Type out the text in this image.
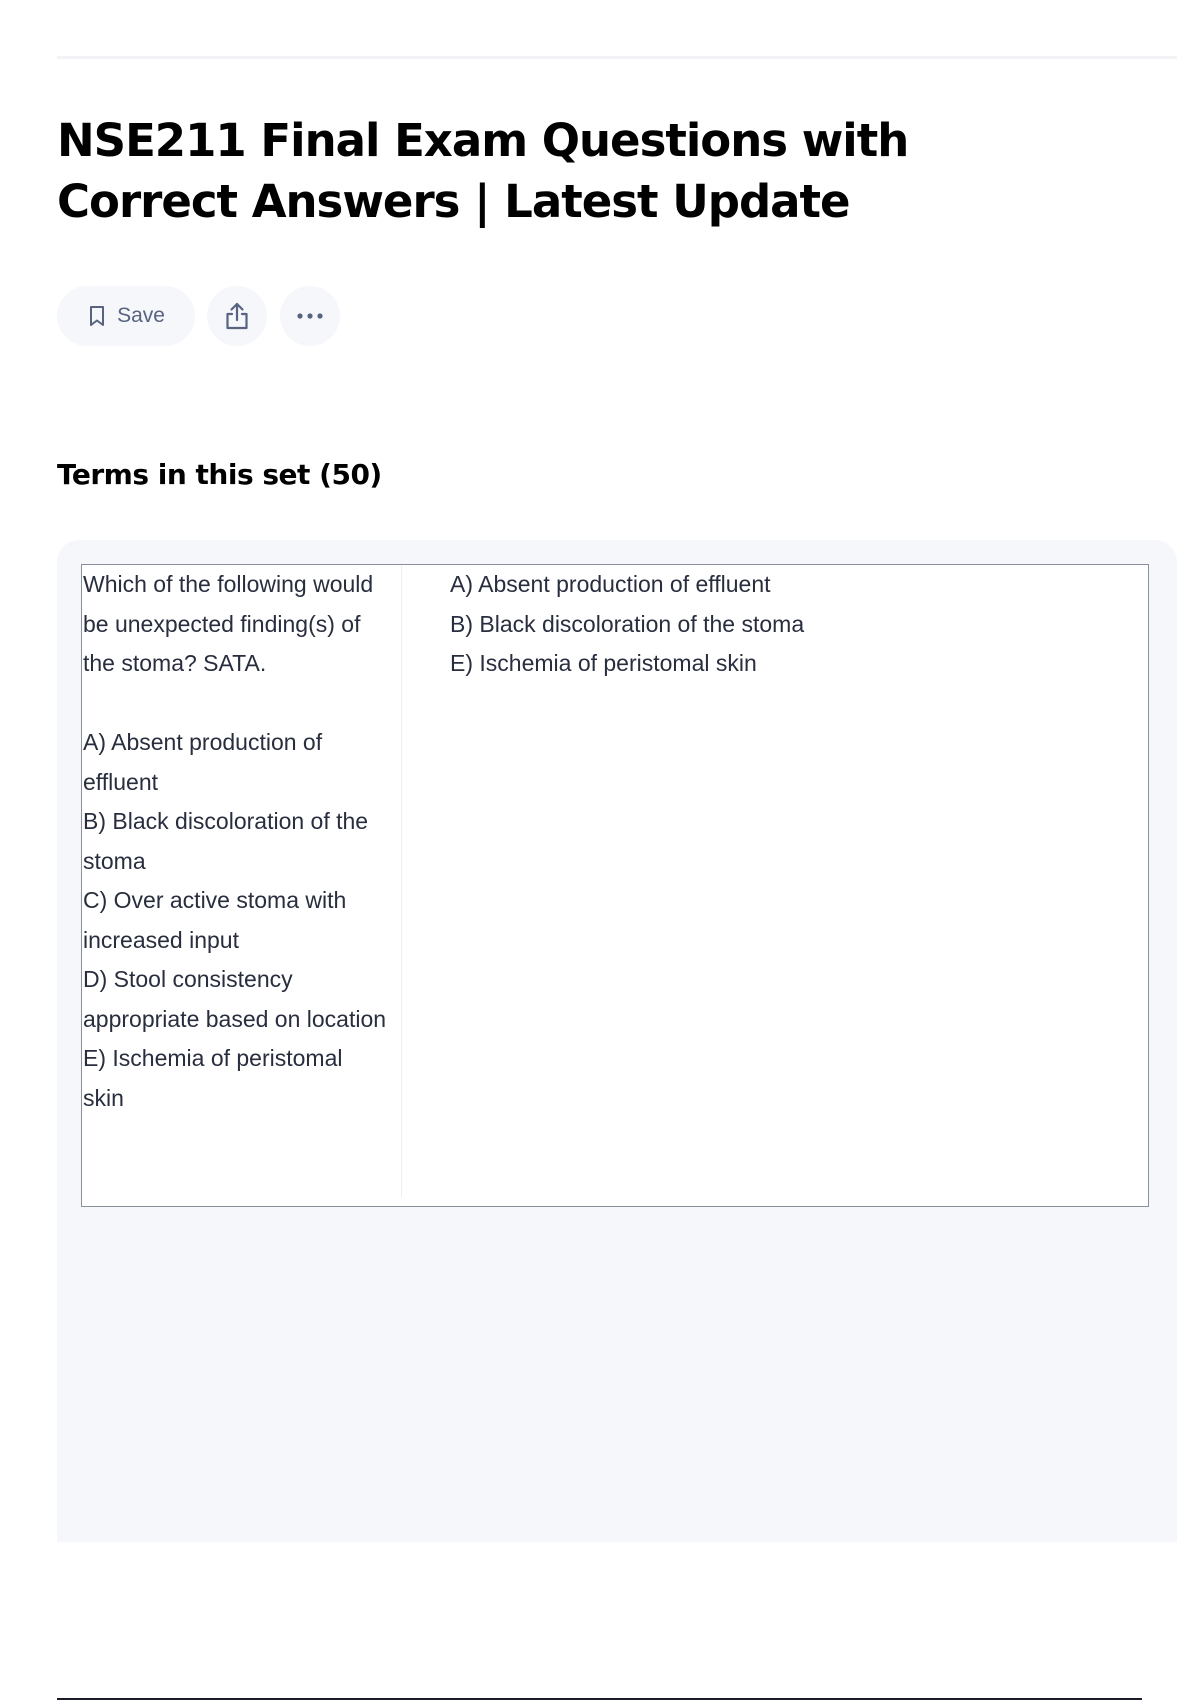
NSE211 Final Exam Questions with Correct Answers | Latest Update
Save
Terms in this set (50)

Which of the following would be unexpected finding(s) of the stoma? SATA.

A) Absent production of effluent
B) Black discoloration of the stoma
C) Over active stoma with increased input
D) Stool consistency appropriate based on location
E) Ischemia of peristomal skin

A) Absent production of effluent
B) Black discoloration of the stoma
E) Ischemia of peristomal skin
